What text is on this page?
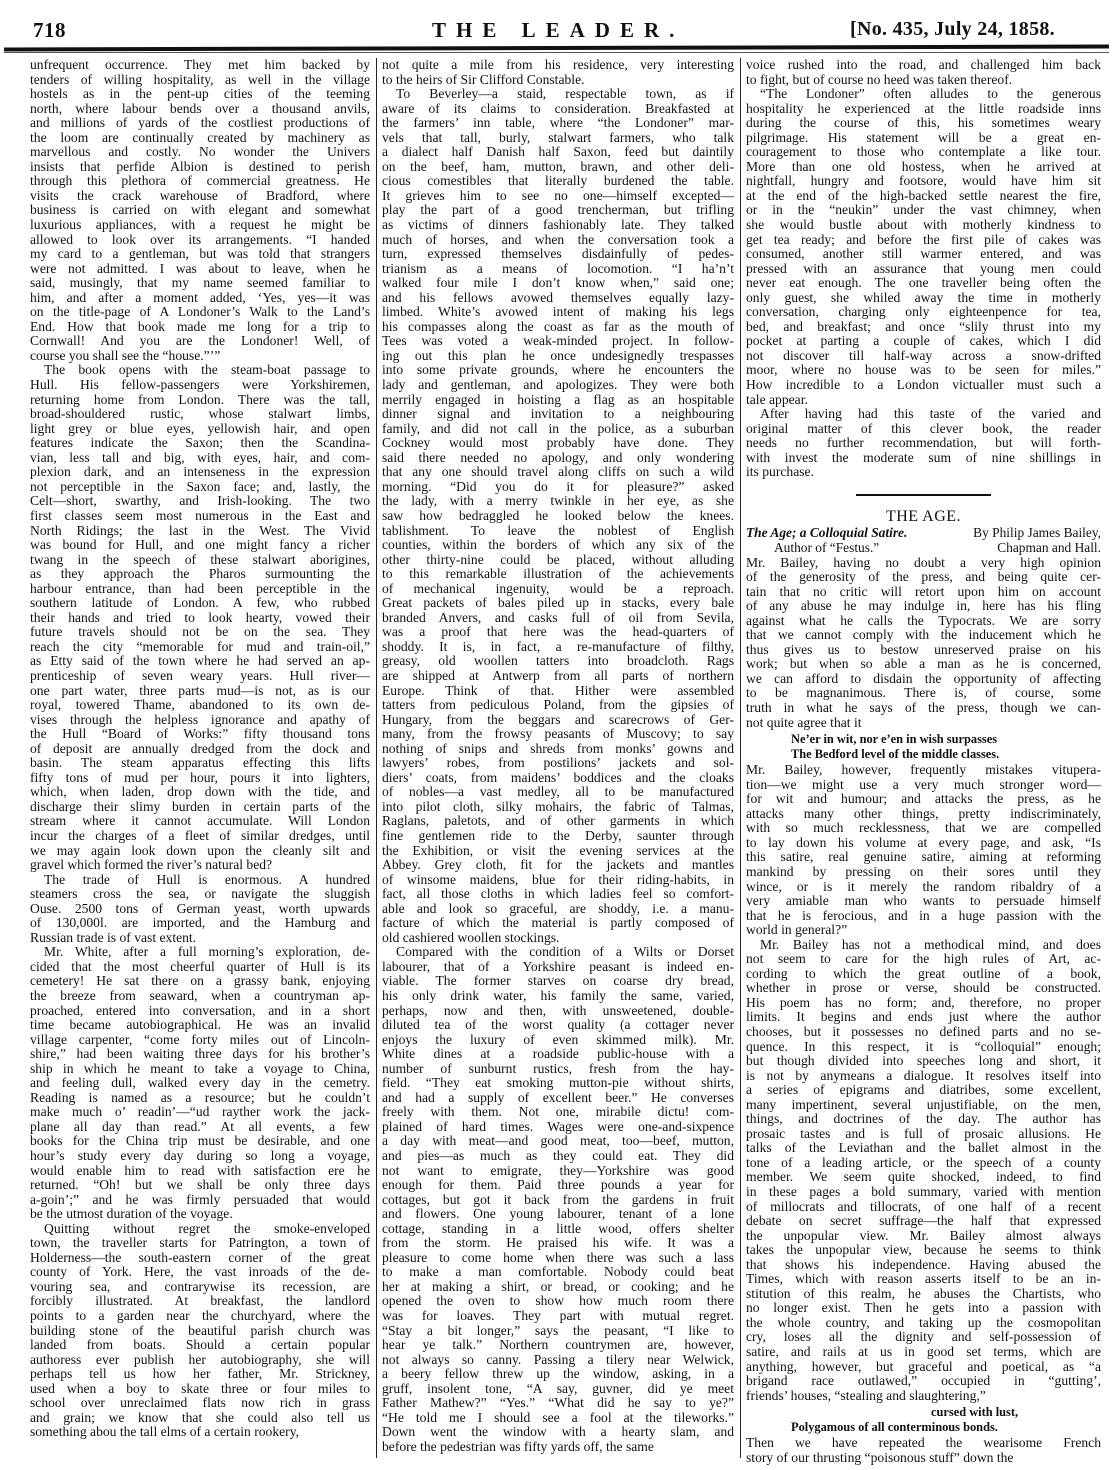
718	THE LEADER.	[No. 435, July 24, 1858.
unfrequent occurrence. They met him backed by
tenders of willing hospitality, as well in the village
hostels as in the pent-up cities of the teeming
north, where labour bends over a thousand anvils,
and millions of yards of the costliest productions of
the loom are continually created by machinery as
marvellous and costly. No wonder the Univers
insists that perfide Albion is destined to perish
through this plethora of commercial greatness. He
visits the crack warehouse of Bradford, where
business is carried on with elegant and somewhat
luxurious appliances, with a request he might be
allowed to look over its arrangements. “I handed
my card to a gentleman, but was told that strangers
were not admitted. I was about to leave, when he
said, musingly, that my name seemed familiar to
him, and after a moment added, ‘Yes, yes—it was
on the title-page of A Londoner’s Walk to the Land’s
End. How that book made me long for a trip to
Cornwall! And you are the Londoner! Well, of
course you shall see the “house.”’”
The book opens with the steam-boat passage to
Hull. His fellow-passengers were Yorkshiremen,
returning home from London. There was the tall,
broad-shouldered rustic, whose stalwart limbs,
light grey or blue eyes, yellowish hair, and open
features indicate the Saxon; then the Scandina-
vian, less tall and big, with eyes, hair, and com-
plexion dark, and an intenseness in the expression
not perceptible in the Saxon face; and, lastly, the
Celt—short, swarthy, and Irish-looking. The two
first classes seem most numerous in the East and
North Ridings; the last in the West. The Vivid
was bound for Hull, and one might fancy a richer
twang in the speech of these stalwart aborigines,
as they approach the Pharos surmounting the
harbour entrance, than had been perceptible in the
southern latitude of London. A few, who rubbed
their hands and tried to look hearty, vowed their
future travels should not be on the sea. They
reach the city “memorable for mud and train-oil,”
as Etty said of the town where he had served an ap-
prenticeship of seven weary years. Hull river—
one part water, three parts mud—is not, as is our
royal, towered Thame, abandoned to its own de-
vises through the helpless ignorance and apathy of
the Hull “Board of Works:” fifty thousand tons
of deposit are annually dredged from the dock and
basin. The steam apparatus effecting this lifts
fifty tons of mud per hour, pours it into lighters,
which, when laden, drop down with the tide, and
discharge their slimy burden in certain parts of the
stream where it cannot accumulate. Will London
incur the charges of a fleet of similar dredges, until
we may again look down upon the cleanly silt and
gravel which formed the river’s natural bed?
The trade of Hull is enormous. A hundred
steamers cross the sea, or navigate the sluggish
Ouse. 2500 tons of German yeast, worth upwards
of 130,000l. are imported, and the Hamburg and
Russian trade is of vast extent.
Mr. White, after a full morning’s exploration, de-
cided that the most cheerful quarter of Hull is its
cemetery! He sat there on a grassy bank, enjoying
the breeze from seaward, when a countryman ap-
proached, entered into conversation, and in a short
time became autobiographical. He was an invalid
village carpenter, “come forty miles out of Lincoln-
shire,” had been waiting three days for his brother’s
ship in which he meant to take a voyage to China,
and feeling dull, walked every day in the cemetry.
Reading is named as a resource; but he couldn’t
make much o’ readin’—“ud rayther work the jack-
plane all day than read.” At all events, a few
books for the China trip must be desirable, and one
hour’s study every day during so long a voyage,
would enable him to read with satisfaction ere he
returned. “Oh! but we shall be only three days
a-goin’;” and he was firmly persuaded that would
be the utmost duration of the voyage.
Quitting without regret the smoke-enveloped
town, the traveller starts for Patrington, a town of
Holderness—the south-eastern corner of the great
county of York. Here, the vast inroads of the de-
vouring sea, and contrarywise its recession, are
forcibly illustrated. At breakfast, the landlord
points to a garden near the churchyard, where the
building stone of the beautiful parish church was
landed from boats. Should a certain popular
authoress ever publish her autobiography, she will
perhaps tell us how her father, Mr. Strickney,
used when a boy to skate three or four miles to
school over unreclaimed flats now rich in grass
and grain; we know that she could also tell us
something abou the tall elms of a certain rookery,
not quite a mile from his residence, very interesting
to the heirs of Sir Clifford Constable.
To Beverley—a staid, respectable town, as if
aware of its claims to consideration. Breakfasted at
the farmers’ inn table, where “the Londoner” mar-
vels that tall, burly, stalwart farmers, who talk
a dialect half Danish half Saxon, feed but daintily
on the beef, ham, mutton, brawn, and other deli-
cious comestibles that literally burdened the table.
It grieves him to see no one—himself excepted—
play the part of a good trencherman, but trifling
as victims of dinners fashionably late. They talked
much of horses, and when the conversation took a
turn, expressed themselves disdainfully of pedes-
trianism as a means of locomotion. “I ha’n’t
walked four mile I don’t know when,” said one;
and his fellows avowed themselves equally lazy-
limbed. White’s avowed intent of making his legs
his compasses along the coast as far as the mouth of
Tees was voted a weak-minded project. In follow-
ing out this plan he once undesignedly trespasses
into some private grounds, where he encounters the
lady and gentleman, and apologizes. They were both
merrily engaged in hoisting a flag as an hospitable
dinner signal and invitation to a neighbouring
family, and did not call in the police, as a suburban
Cockney would most probably have done. They
said there needed no apology, and only wondering
that any one should travel along cliffs on such a wild
morning. “Did you do it for pleasure?” asked
the lady, with a merry twinkle in her eye, as she
saw how bedraggled he looked below the knees.
tablishment. To leave the noblest of English
counties, within the borders of which any six of the
other thirty-nine could be placed, without alluding
to this remarkable illustration of the achievements
of mechanical ingenuity, would be a reproach.
Great packets of bales piled up in stacks, every bale
branded Anvers, and casks full of oil from Sevila,
was a proof that here was the head-quarters of
shoddy. It is, in fact, a re-manufacture of filthy,
greasy, old woollen tatters into broadcloth. Rags
are shipped at Antwerp from all parts of northern
Europe. Think of that. Hither were assembled
tatters from pediculous Poland, from the gipsies of
Hungary, from the beggars and scarecrows of Ger-
many, from the frowsy peasants of Muscovy; to say
nothing of snips and shreds from monks’ gowns and
lawyers’ robes, from postilions’ jackets and sol-
diers’ coats, from maidens’ boddices and the cloaks
of nobles—a vast medley, all to be manufactured
into pilot cloth, silky mohairs, the fabric of Talmas,
Raglans, paletots, and of other garments in which
fine gentlemen ride to the Derby, saunter through
the Exhibition, or visit the evening services at the
Abbey. Grey cloth, fit for the jackets and mantles
of winsome maidens, blue for their riding-habits, in
fact, all those cloths in which ladies feel so comfort-
able and look so graceful, are shoddy, i.e. a manu-
facture of which the material is partly composed of
old cashiered woollen stockings.
Compared with the condition of a Wilts or Dorset
labourer, that of a Yorkshire peasant is indeed en-
viable. The former starves on coarse dry bread,
his only drink water, his family the same, varied,
perhaps, now and then, with unsweetened, double-
diluted tea of the worst quality (a cottager never
enjoys the luxury of even skimmed milk). Mr.
White dines at a roadside public-house with a
number of sunburnt rustics, fresh from the hay-
field. “They eat smoking mutton-pie without shirts,
and had a supply of excellent beer.” He converses
freely with them. Not one, mirabile dictu! com-
plained of hard times. Wages were one-and-sixpence
a day with meat—and good meat, too—beef, mutton,
and pies—as much as they could eat. They did
not want to emigrate, they—Yorkshire was good
enough for them. Paid three pounds a year for
cottages, but got it back from the gardens in fruit
and flowers. One young labourer, tenant of a lone
cottage, standing in a little wood, offers shelter
from the storm. He praised his wife. It was a
pleasure to come home when there was such a lass
to make a man comfortable. Nobody could beat
her at making a shirt, or bread, or cooking; and he
opened the oven to show how much room there
was for loaves. They part with mutual regret.
“Stay a bit longer,” says the peasant, “I like to
hear ye talk.” Northern countrymen are, however,
not always so canny. Passing a tilery near Welwick,
a beery fellow threw up the window, asking, in a
gruff, insolent tone, “A say, guvner, did ye meet
Father Mathew?” “Yes.” “What did he say to ye?”
“He told me I should see a fool at the tileworks.”
Down went the window with a hearty slam, and
before the pedestrian was fifty yards off, the same
voice rushed into the road, and challenged him back
to fight, but of course no heed was taken thereof.
“The Londoner” often alludes to the generous
hospitality he experienced at the little roadside inns
during the course of this, his sometimes weary
pilgrimage. His statement will be a great en-
couragement to those who contemplate a like tour.
More than one old hostess, when he arrived at
nightfall, hungry and footsore, would have him sit
at the end of the high-backed settle nearest the fire,
or in the “neukin” under the vast chimney, when
she would bustle about with motherly kindness to
get tea ready; and before the first pile of cakes was
consumed, another still warmer entered, and was
pressed with an assurance that young men could
never eat enough. The one traveller being often the
only guest, she whiled away the time in motherly
conversation, charging only eighteenpence for tea,
bed, and breakfast; and once “slily thrust into my
pocket at parting a couple of cakes, which I did
not discover till half-way across a snow-drifted
moor, where no house was to be seen for miles.”
How incredible to a London victualler must such a
tale appear.
After having had this taste of the varied and
original matter of this clever book, the reader
needs no further recommendation, but will forth-
with invest the moderate sum of nine shillings in
its purchase.
THE AGE.
The Age; a Colloquial Satire.	By Philip James Bailey,
Author of “Festus.”	Chapman and Hall.
Mr. Bailey, having no doubt a very high opinion
of the generosity of the press, and being quite cer-
tain that no critic will retort upon him on account
of any abuse he may indulge in, here has his fling
against what he calls the Typocrats. We are sorry
that we cannot comply with the inducement which he
thus gives us to bestow unreserved praise on his
work; but when so able a man as he is concerned,
we can afford to disdain the opportunity of affecting
to be magnanimous. There is, of course, some
truth in what he says of the press, though we can-
not quite agree that it
Ne’er in wit, nor e’en in wish surpasses
The Bedford level of the middle classes.
Mr. Bailey, however, frequently mistakes vitupera-
tion—we might use a very much stronger word—
for wit and humour; and attacks the press, as he
attacks many other things, pretty indiscriminately,
with so much recklessness, that we are compelled
to lay down his volume at every page, and ask, “Is
this satire, real genuine satire, aiming at reforming
mankind by pressing on their sores until they
wince, or is it merely the random ribaldry of a
very amiable man who wants to persuade himself
that he is ferocious, and in a huge passion with the
world in general?”
Mr. Bailey has not a methodical mind, and does
not seem to care for the high rules of Art, ac-
cording to which the great outline of a book,
whether in prose or verse, should be constructed.
His poem has no form; and, therefore, no proper
limits. It begins and ends just where the author
chooses, but it possesses no defined parts and no se-
quence. In this respect, it is “colloquial” enough;
but though divided into speeches long and short, it
is not by anymeans a dialogue. It resolves itself into
a series of epigrams and diatribes, some excellent,
many impertinent, several unjustifiable, on the men,
things, and doctrines of the day. The author has
prosaic tastes and is full of prosaic allusions. He
talks of the Leviathan and the ballet almost in the
tone of a leading article, or the speech of a county
member. We seem quite shocked, indeed, to find
in these pages a bold summary, varied with mention
of millocrats and tillocrats, of one half of a recent
debate on secret suffrage—the half that expressed
the unpopular view. Mr. Bailey almost always
takes the unpopular view, because he seems to think
that shows his independence. Having abused the
Times, which with reason asserts itself to be an in-
stitution of this realm, he abuses the Chartists, who
no longer exist. Then he gets into a passion with
the whole country, and taking up the cosmopolitan
cry, loses all the dignity and self-possession of
satire, and rails at us in good set terms, which are
anything, however, but graceful and poetical, as “a
brigand race outlawed,” occupied in “gutting’,
friends’ houses, “stealing and slaughtering,”
cursed with lust,
Polygamous of all conterminous bonds.
Then we have repeated the wearisome French
story of our thrusting “poisonous stuff” down the
